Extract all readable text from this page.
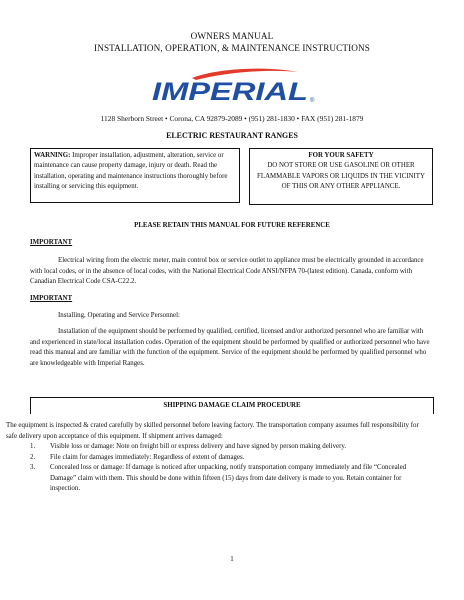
OWNERS MANUAL
INSTALLATION, OPERATION, & MAINTENANCE INSTRUCTIONS
IMPERIAL ®
1128 Sherborn Street • Corona, CA 92879-2089 • (951) 281-1830 • FAX (951) 281-1879
ELECTRIC RESTAURANT RANGES
WARNING: Improper installation, adjustment, alteration, service or maintenance can cause property damage, injury or death. Read the installation, operating and maintenance instructions thoroughly before installing or servicing this equipment.
FOR YOUR SAFETY
DO NOT STORE OR USE GASOLINE OR OTHER FLAMMABLE VAPORS OR LIQUIDS IN THE VICINITY OF THIS OR ANY OTHER APPLIANCE.
PLEASE RETAIN THIS MANUAL FOR FUTURE REFERENCE
IMPORTANT
Electrical wiring from the electric meter, main control box or service outlet to appliance must be electrically grounded in accordance with local codes, or in the absence of local codes, with the National Electrical Code ANSI/NFPA 70-(latest edition). Canada, conform with Canadian Electrical Code CSA-C22.2.
IMPORTANT
Installing, Operating and Service Personnel:
Installation of the equipment should be performed by qualified, certified, licensed and/or authorized personnel who are familiar with and experienced in state/local installation codes. Operation of the equipment should be performed by qualified or authorized personnel who have read this manual and are familiar with the function of the equipment. Service of the equipment should be performed by qualified personnel who are knowledgeable with Imperial Ranges.
SHIPPING DAMAGE CLAIM PROCEDURE
The equipment is inspected & crated carefully by skilled personnel before leaving factory. The transportation company assumes full responsibility for safe delivery upon acceptance of this equipment. If shipment arrives damaged:
1. Visible loss or damage: Note on freight bill or express delivery and have signed by person making delivery.
2. File claim for damages immediately: Regardless of extent of damages.
3. Concealed loss or damage: If damage is noticed after unpacking, notify transportation company immediately and file “Concealed Damage” claim with them. This should be done within fifteen (15) days from date delivery is made to you. Retain container for inspection.
1
